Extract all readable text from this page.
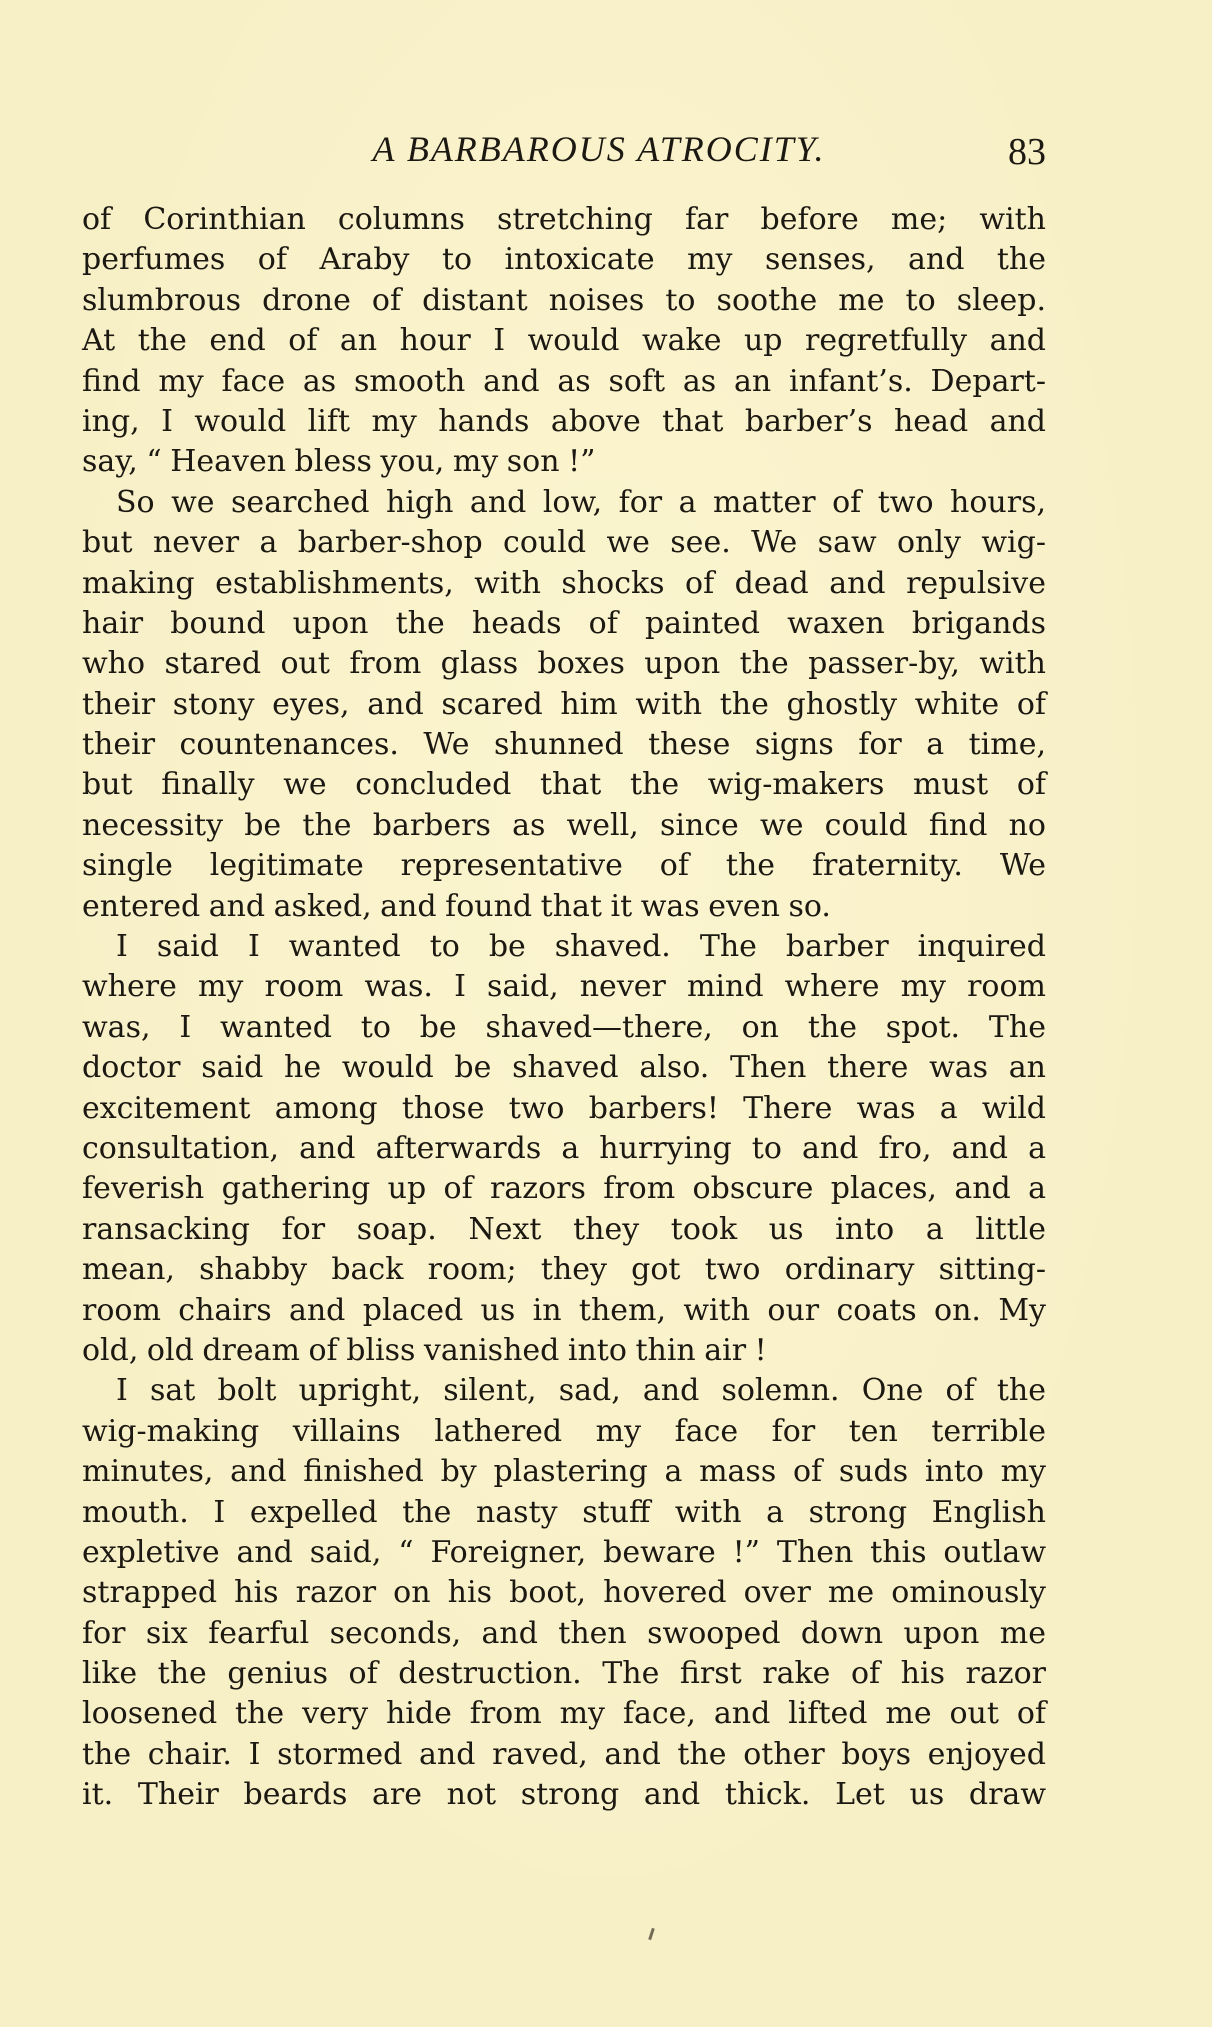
A BARBAROUS ATROCITY.	83
of Corinthian columns stretching far before me; with
perfumes of Araby to intoxicate my senses, and the
slumbrous drone of distant noises to soothe me to sleep.
At the end of an hour I would wake up regretfully and
find my face as smooth and as soft as an infant’s. Depart-
ing, I would lift my hands above that barber’s head and
say, “ Heaven bless you, my son !”
So we searched high and low, for a matter of two hours,
but never a barber-shop could we see. We saw only wig-
making establishments, with shocks of dead and repulsive
hair bound upon the heads of painted waxen brigands
who stared out from glass boxes upon the passer-by, with
their stony eyes, and scared him with the ghostly white of
their countenances. We shunned these signs for a time,
but finally we concluded that the wig-makers must of
necessity be the barbers as well, since we could find no
single legitimate representative of the fraternity. We
entered and asked, and found that it was even so.
I said I wanted to be shaved. The barber inquired
where my room was. I said, never mind where my room
was, I wanted to be shaved—there, on the spot. The
doctor said he would be shaved also. Then there was an
excitement among those two barbers! There was a wild
consultation, and afterwards a hurrying to and fro, and a
feverish gathering up of razors from obscure places, and a
ransacking for soap. Next they took us into a little
mean, shabby back room; they got two ordinary sitting-
room chairs and placed us in them, with our coats on. My
old, old dream of bliss vanished into thin air !
I sat bolt upright, silent, sad, and solemn. One of the
wig-making villains lathered my face for ten terrible
minutes, and finished by plastering a mass of suds into my
mouth. I expelled the nasty stuff with a strong English
expletive and said, “ Foreigner, beware !” Then this outlaw
strapped his razor on his boot, hovered over me ominously
for six fearful seconds, and then swooped down upon me
like the genius of destruction. The first rake of his razor
loosened the very hide from my face, and lifted me out of
the chair. I stormed and raved, and the other boys enjoyed
it. Their beards are not strong and thick. Let us draw
